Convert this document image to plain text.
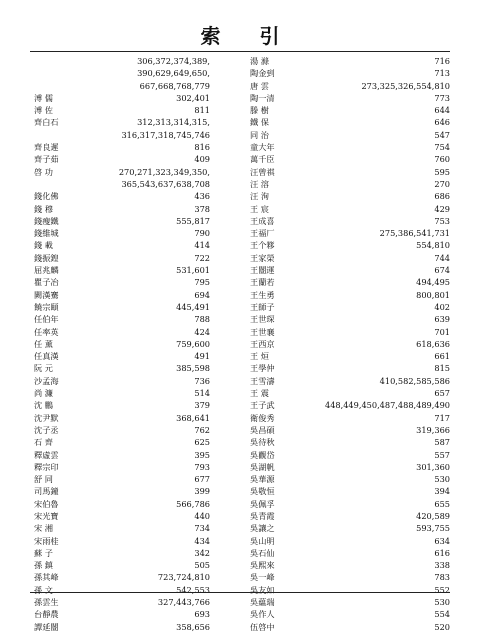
索 引
306,372,374,389,
390,629,649,650,
667,668,768,779
溥 儒	302,401
溥 佐	811
齊白石	312,313,314,315,
316,317,318,745,746
齊良遲	816
齊子茹	409
啓 功	270,271,323,349,350,
365,543,637,638,708
錢化佛	436
錢 穆	378
錢瘦鐵	555,817
錢維城	790
錢 載	414
錢振鍠	722
屈兆麟	531,601
瞿子冶	795
闕漢騫	694
饒宗頤	445,491
任伯年	788
任率英	424
任 薰	759,600
任真漢	491
阮 元	385,598
沙孟海	736
尚 濂	514
沈 鵬	379
沈尹默	368,641
沈子丞	762
石 齊	625
釋虛雲	395
釋宗印	793
舒 同	677
司馬鐘	399
宋伯魯	566,786
宋光寶	440
宋 湘	734
宋雨桂	434
蘇 子	342
孫 鎮	505
孫其峰	723,724,810
孫 文	542,553
孫雲生	327,443,766
台靜農	693
譚延闓	358,656
湯 滌	716
陶金到	713
唐 雲	273,325,326,554,810
陶一清	773
滕 樹	644
鐵 保	646
同 治	547
童大年	754
萬千臣	760
汪曾祺	595
汪 溶	270
汪 洵	686
王 宸	429
王成喜	753
王福厂	275,386,541,731
王个簃	554,810
王家榮	744
王闓運	674
王蘭若	494,495
王生勇	800,801
王師子	402
王世琛	639
王世襄	701
王西京	618,636
王 烜	661
王學仲	815
王雪濤	410,582,585,586
王 震	657
王子武	448,449,450,487,488,489,490
衛俊秀	717
吳昌碩	319,366
吳待秋	587
吳觀岱	557
吳湖帆	301,360
吳華源	530
吳敬恒	394
吳佩孚	655
吳青霞	420,589
吳讓之	593,755
吳山明	634
吳石仙	616
吳熙來	338
吳一峰	783
吳友如	552
吳藴瑞	530
吳作人	554
伍啓中	520
